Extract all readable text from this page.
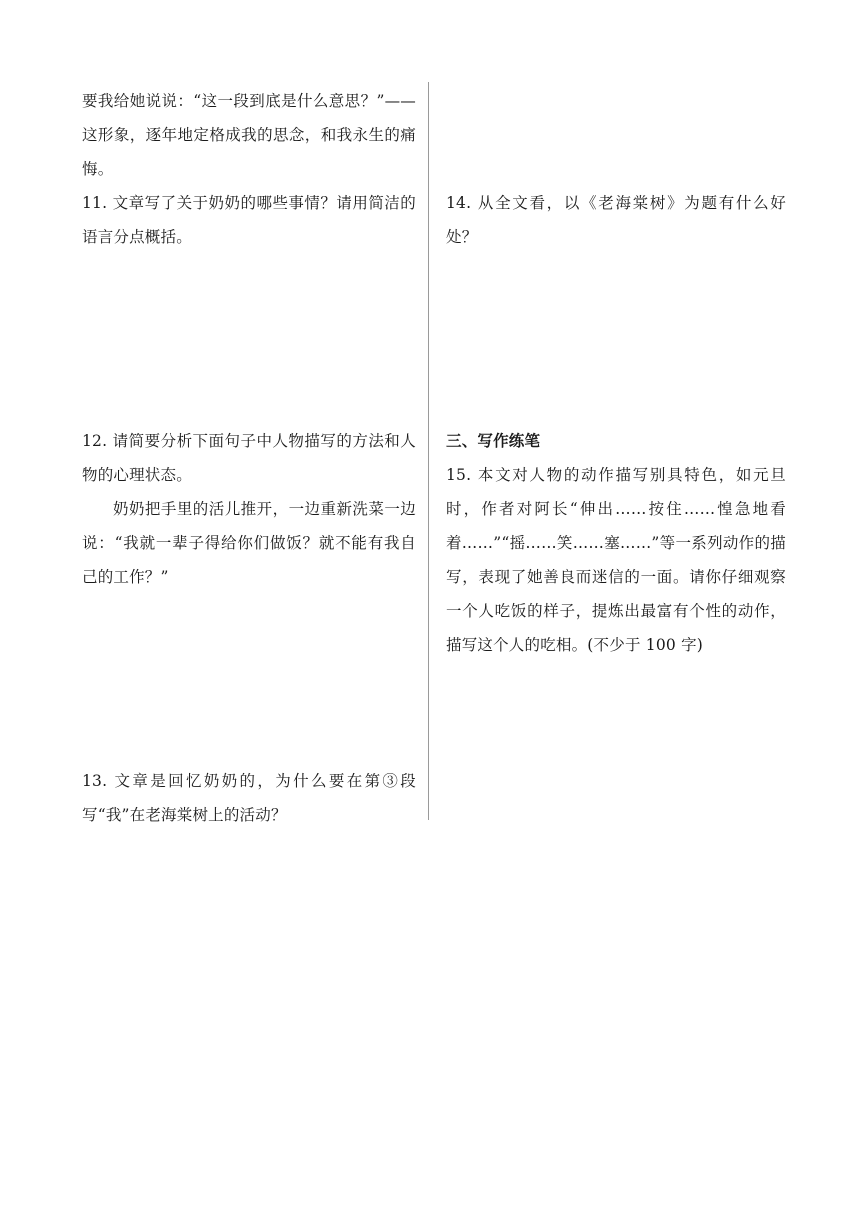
要我给她说说：“这一段到底是什么意思？”——这形象，逐年地定格成我的思念，和我永生的痛悔。

11. 文章写了关于奶奶的哪些事情？请用简洁的语言分点概括。

12. 请简要分析下面句子中人物描写的方法和人物的心理状态。

奶奶把手里的活儿推开，一边重新洗菜一边说：“我就一辈子得给你们做饭？就不能有我自己的工作？”

13. 文章是回忆奶奶的，为什么要在第③段写“我”在老海棠树上的活动？

14. 从全文看，以《老海棠树》为题有什么好处？

三、写作练笔

15. 本文对人物的动作描写别具特色，如元旦时，作者对阿长“伸出……按住……惶急地看着……”“摇……笑……塞……”等一系列动作的描写，表现了她善良而迷信的一面。请你仔细观察一个人吃饭的样子，提炼出最富有个性的动作，描写这个人的吃相。(不少于 100 字)
